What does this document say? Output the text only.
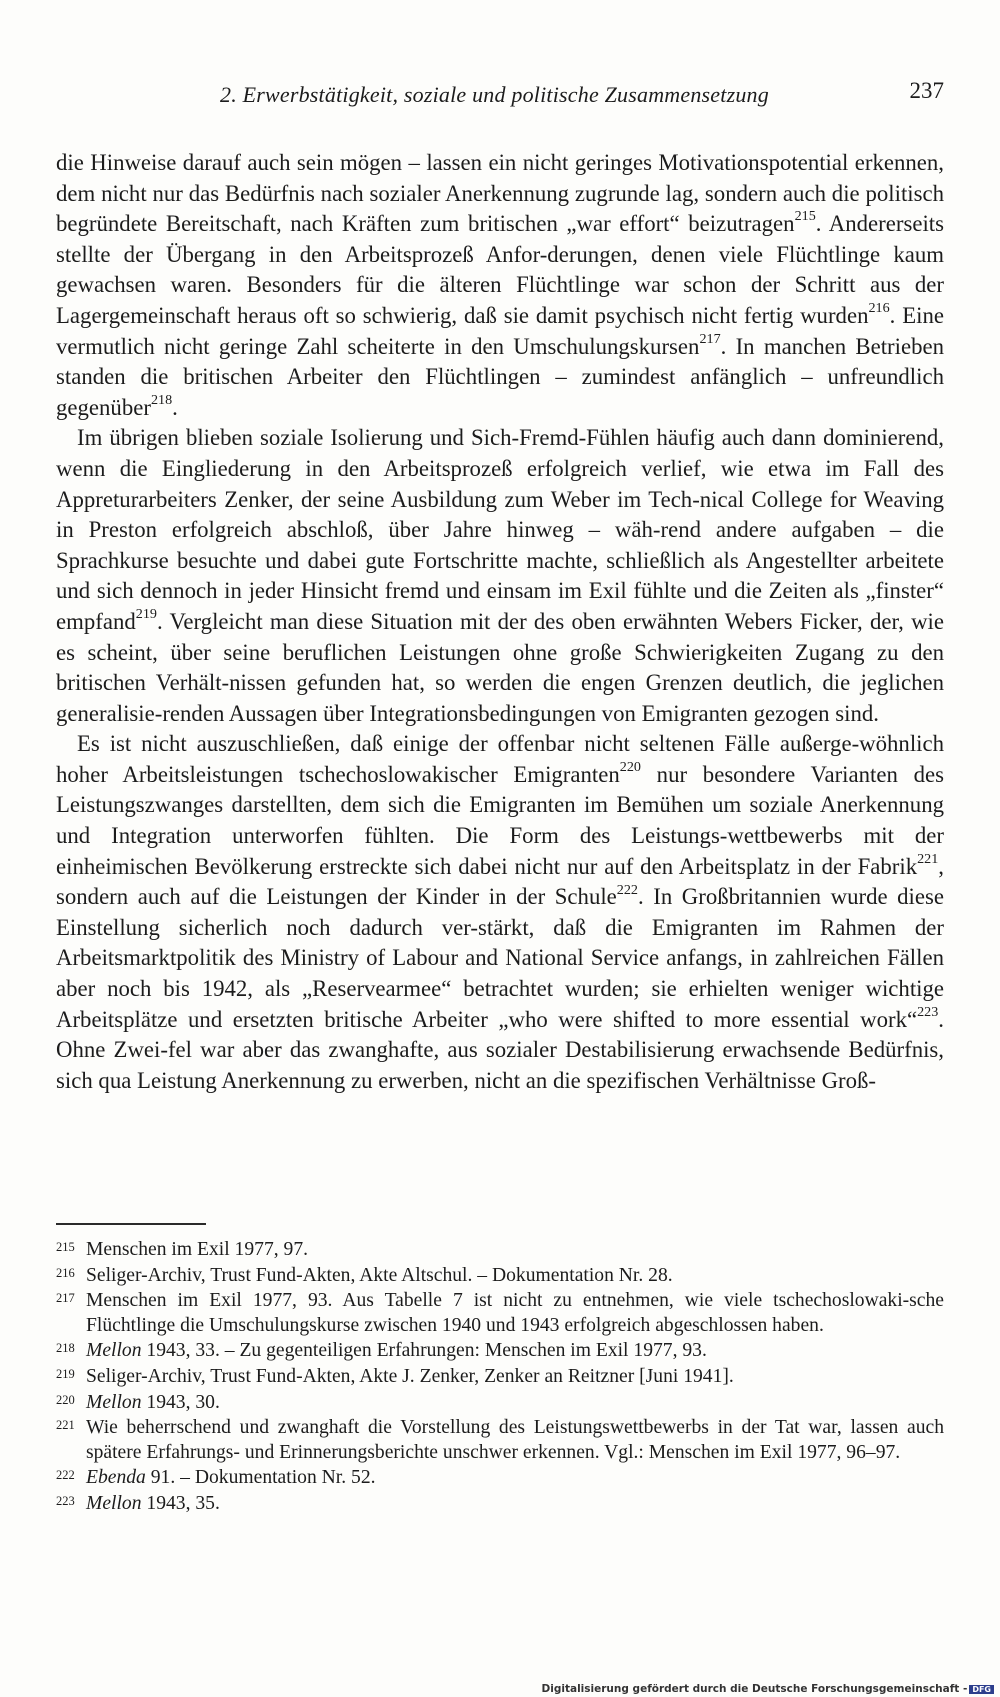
2. Erwerbstätigkeit, soziale und politische Zusammensetzung	237

die Hinweise darauf auch sein mögen – lassen ein nicht geringes Motivationspotential erkennen, dem nicht nur das Bedürfnis nach sozialer Anerkennung zugrunde lag, sondern auch die politisch begründete Bereitschaft, nach Kräften zum britischen „war effort“ beizutragen$^{215}$. Andererseits stellte der Übergang in den Arbeitsprozeß Anfor-derungen, denen viele Flüchtlinge kaum gewachsen waren. Besonders für die älteren Flüchtlinge war schon der Schritt aus der Lagergemeinschaft heraus oft so schwierig, daß sie damit psychisch nicht fertig wurden$^{216}$. Eine vermutlich nicht geringe Zahl scheiterte in den Umschulungskursen$^{217}$. In manchen Betrieben standen die britischen Arbeiter den Flüchtlingen – zumindest anfänglich – unfreundlich gegenüber$^{218}$.

Im übrigen blieben soziale Isolierung und Sich-Fremd-Fühlen häufig auch dann dominierend, wenn die Eingliederung in den Arbeitsprozeß erfolgreich verlief, wie etwa im Fall des Appreturarbeiters Zenker, der seine Ausbildung zum Weber im Tech-nical College for Weaving in Preston erfolgreich abschloß, über Jahre hinweg – wäh-rend andere aufgaben – die Sprachkurse besuchte und dabei gute Fortschritte machte, schließlich als Angestellter arbeitete und sich dennoch in jeder Hinsicht fremd und einsam im Exil fühlte und die Zeiten als „finster“ empfand$^{219}$. Vergleicht man diese Situation mit der des oben erwähnten Webers Ficker, der, wie es scheint, über seine beruflichen Leistungen ohne große Schwierigkeiten Zugang zu den britischen Verhält-nissen gefunden hat, so werden die engen Grenzen deutlich, die jeglichen generalisie-renden Aussagen über Integrationsbedingungen von Emigranten gezogen sind.

Es ist nicht auszuschließen, daß einige der offenbar nicht seltenen Fälle außerge-wöhnlich hoher Arbeitsleistungen tschechoslowakischer Emigranten$^{220}$ nur besondere Varianten des Leistungszwanges darstellten, dem sich die Emigranten im Bemühen um soziale Anerkennung und Integration unterworfen fühlten. Die Form des Leistungs-wettbewerbs mit der einheimischen Bevölkerung erstreckte sich dabei nicht nur auf den Arbeitsplatz in der Fabrik$^{221}$, sondern auch auf die Leistungen der Kinder in der Schule$^{222}$. In Großbritannien wurde diese Einstellung sicherlich noch dadurch ver-stärkt, daß die Emigranten im Rahmen der Arbeitsmarktpolitik des Ministry of Labour and National Service anfangs, in zahlreichen Fällen aber noch bis 1942, als „Reservearmee“ betrachtet wurden; sie erhielten weniger wichtige Arbeitsplätze und ersetzten britische Arbeiter „who were shifted to more essential work“$^{223}$. Ohne Zwei-fel war aber das zwanghafte, aus sozialer Destabilisierung erwachsende Bedürfnis, sich qua Leistung Anerkennung zu erwerben, nicht an die spezifischen Verhältnisse Groß-

215 Menschen im Exil 1977, 97.
216 Seliger-Archiv, Trust Fund-Akten, Akte Altschul. – Dokumentation Nr. 28.
217 Menschen im Exil 1977, 93. Aus Tabelle 7 ist nicht zu entnehmen, wie viele tschechoslowaki-sche Flüchtlinge die Umschulungskurse zwischen 1940 und 1943 erfolgreich abgeschlossen haben.
218 Mellon 1943, 33. – Zu gegenteiligen Erfahrungen: Menschen im Exil 1977, 93.
219 Seliger-Archiv, Trust Fund-Akten, Akte J. Zenker, Zenker an Reitzner [Juni 1941].
220 Mellon 1943, 30.
221 Wie beherrschend und zwanghaft die Vorstellung des Leistungswettbewerbs in der Tat war, lassen auch spätere Erfahrungs- und Erinnerungsberichte unschwer erkennen. Vgl.: Menschen im Exil 1977, 96–97.
222 Ebenda 91. – Dokumentation Nr. 52.
223 Mellon 1943, 35.
Digitalisierung gefördert durch die Deutsche Forschungsgemeinschaft - DFG
